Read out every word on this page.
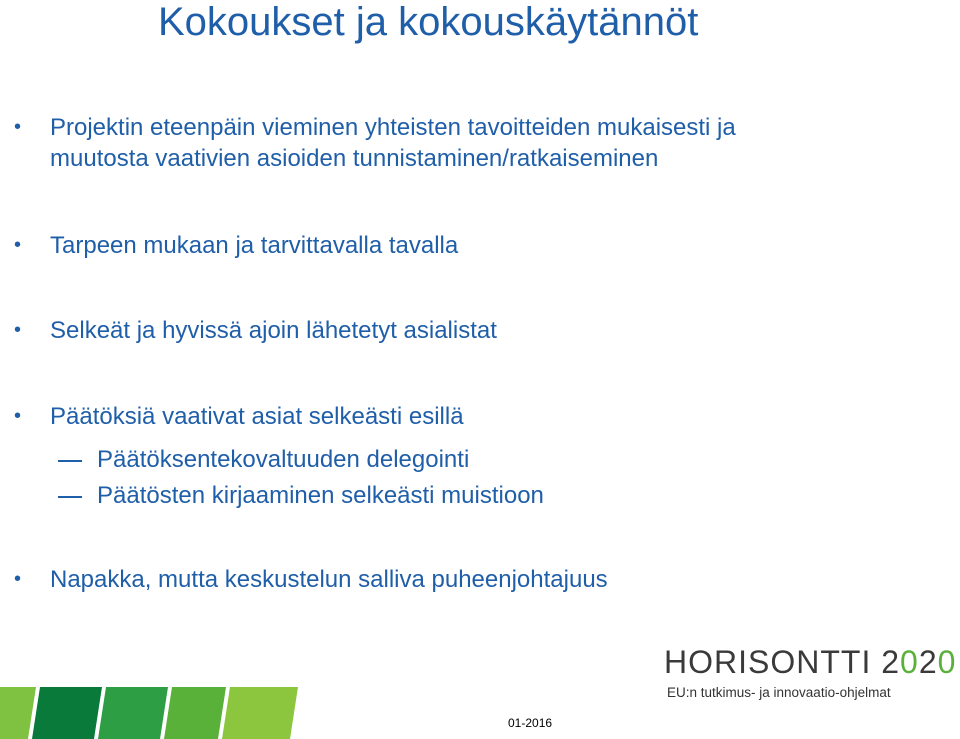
Kokoukset ja kokouskäytännöt
• Projektin eteenpäin vieminen yhteisten tavoitteiden mukaisesti ja
muutosta vaativien asioiden tunnistaminen/ratkaiseminen
• Tarpeen mukaan ja tarvittavalla tavalla
• Selkeät ja hyvissä ajoin lähetetyt asialistat
• Päätöksiä vaativat asiat selkeästi esillä
Päätöksentekovaltuuden delegointi
Päätösten kirjaaminen selkeästi muistioon
• Napakka, mutta keskustelun salliva puheenjohtajuus
HORISONTTI 2020
EU:n tutkimus- ja innovaatio-ohjelmat
01-2016
